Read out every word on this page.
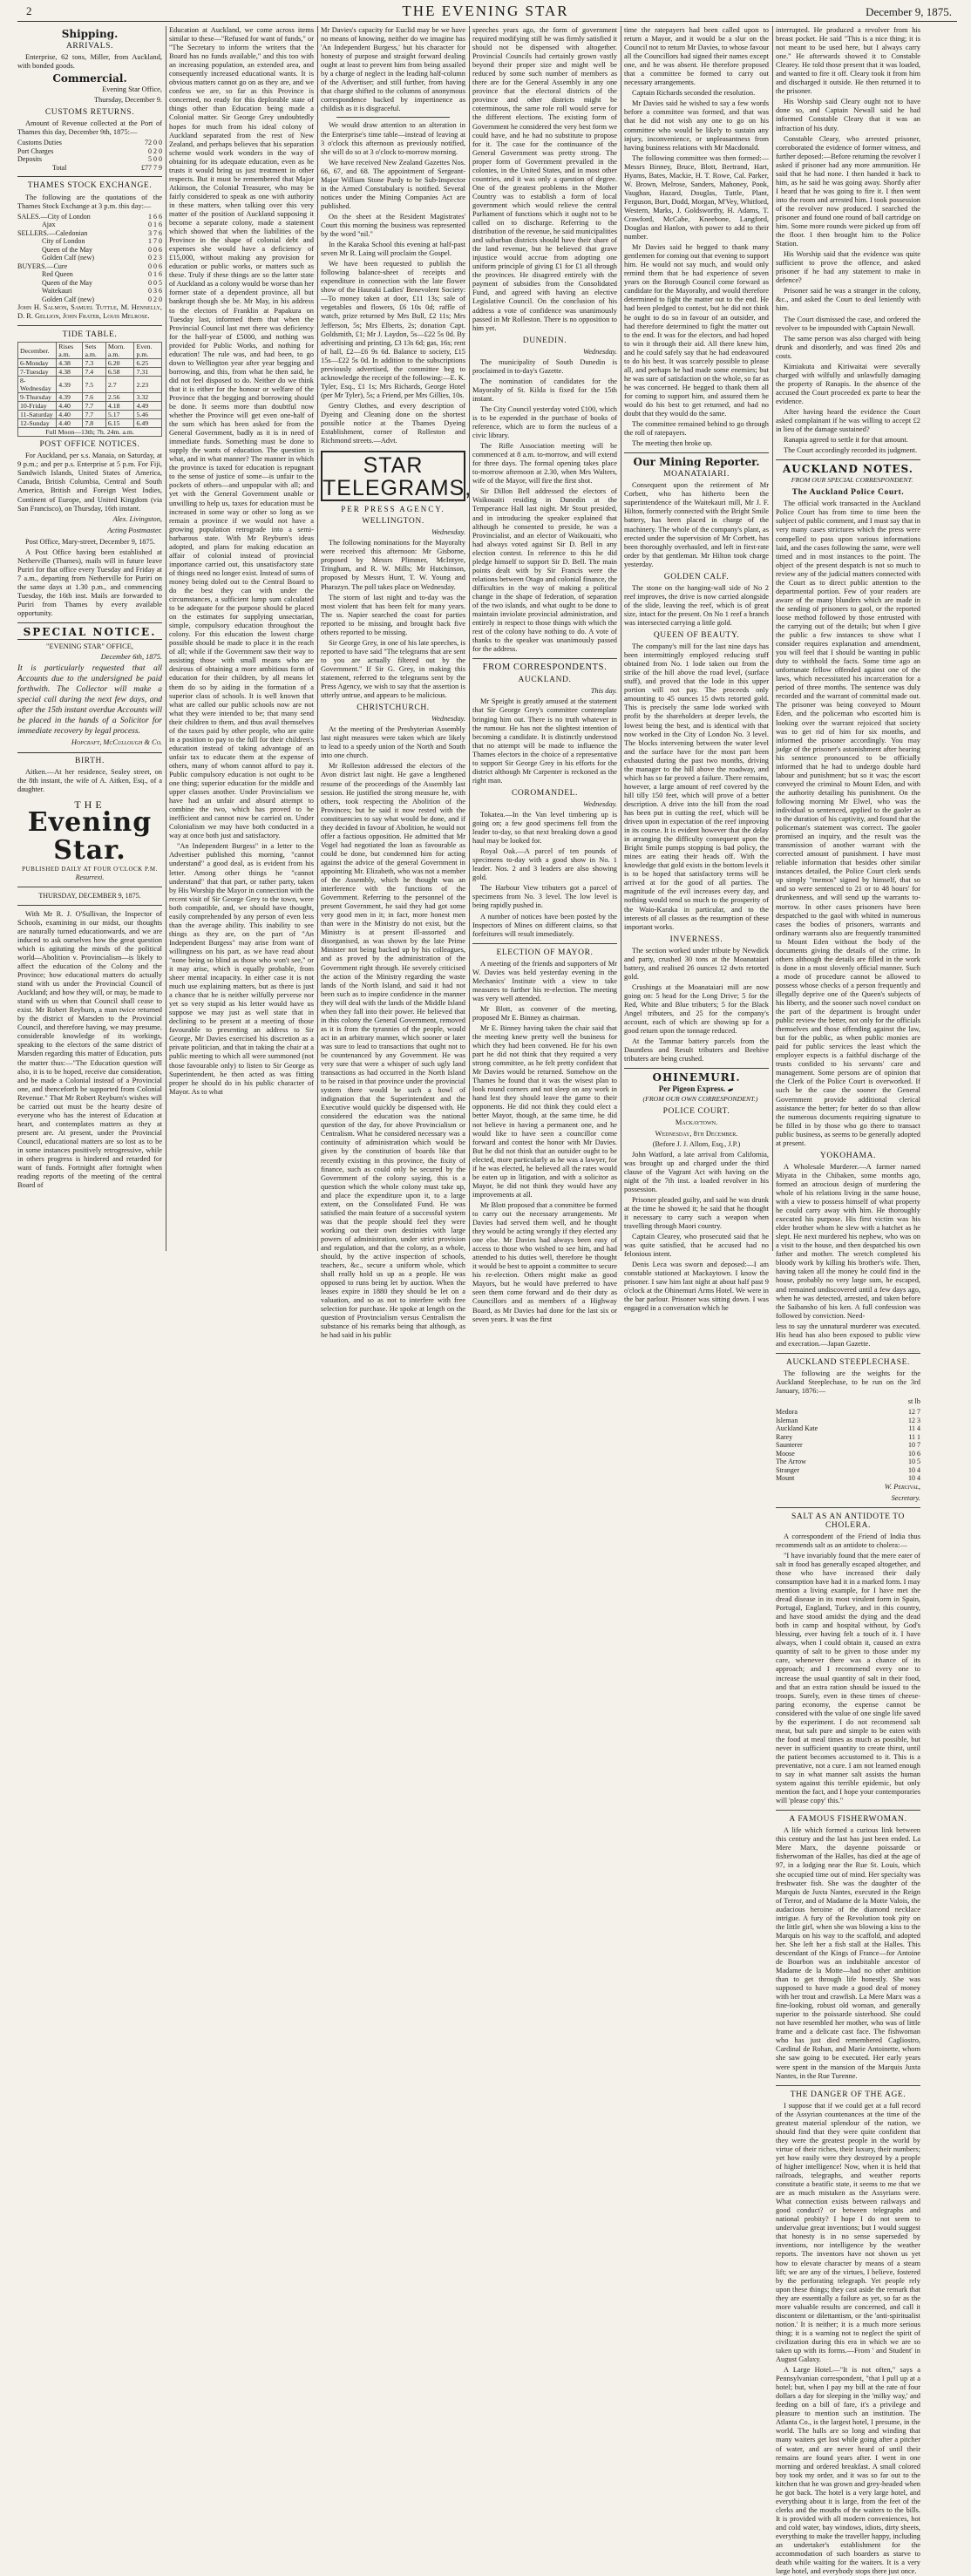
2	THE EVENING STAR	December 9, 1875.
Shipping.
ARRIVALS.

Enterprise, 62 tons, Miller, from Auckland, with bonded goods.

Commercial.

Evening Star Office,

Thursday, December 9.

CUSTOMS RETURNS.

Amount of Revenue collected at the Port of Thames this day, December 9th, 1875:—

Customs Duties	72 0 0
Port Charges	0 2 0
Deposits	5 0 0
Total	£77 7 9
THAMES STOCK EXCHANGE.

The following are the quotations of the Thames Stock Exchange at 3 p.m. this day:—

SALES.—City of London	1 6 6
Ajax	0 1 6
SELLERS.—Caledonian	3 7 6
City of London	1 7 0
Queen of the May	0 0 6
Golden Calf (new)	0 2 3
BUYERS.—Cure	0 0 6
Red Queen	0 1 6
Queen of the May	0 0 5
Waitekauri	0 3 6
Golden Calf (new)	0 2 0

John H. Salmon, Samuel Tuttle, M. Hennelly, D. R. Gellion, John Frater, Louis Melrose.

TIDE TABLE.
December.	Rises a.m.	Sets a.m.	Morn. a.m.	Even. p.m.
6-Monday	4.38	7.3	6.20	6.25
7-Tuesday	4.38	7.4	6.58	7.31
8-Wednesday	4.39	7.5	2.7	2.23
9-Thursday	4.39	7.6	2.56	3.32
10-Friday	4.40	7.7	4.18	4.49
11-Saturday	4.40	7.7	5.17	5.46
12-Sunday	4.40	7.8	6.15	6.49
Full Moon—13th; 7h. 24m. a.m.				
POST OFFICE NOTICES.

For Auckland, per s.s. Manaia, on Saturday, at 9 p.m.; and per p.s. Enterprise at 5 p.m. For Fiji, Sandwich Islands, United States of America, Canada, British Columbia, Central and South America, British and Foreign West Indies, Continent of Europe, and United Kingdom (via San Francisco), on Thursday, 16th instant.

Alex. Livingston,

Acting Postmaster.

Post Office, Mary-street, December 9, 1875.

A Post Office having been established at Netherville (Thames), mails will in future leave Puriri for that office every Tuesday and Friday at 7 a.m., departing from Netherville for Puriri on the same days at 1.30 p.m., and commencing Tuesday, the 16th inst. Mails are forwarded to Puriri from Thames by every available opportunity.

SPECIAL NOTICE.

"EVENING STAR" OFFICE,

December 6th, 1875.

It is particularly requested that all Accounts due to the undersigned be paid forthwith. The Collector will make a special call during the next few days, and after the 15th instant overdue Accounts will be placed in the hands of a Solicitor for immediate recovery by legal process.

Hopcraft, McCullough & Co.

BIRTH.

Aitken.—At her residence, Sealey street, on the 8th instant, the wife of A. Aitken, Esq., of a daughter.

THE
Evening Star.
PUBLISHED DAILY AT FOUR O'CLOCK P.M.
Resurrexi.

THURSDAY, DECEMBER 9, 1875.

With Mr R. J. O'Sullivan, the Inspector of Schools, examining in our midst, our thoughts are naturally turned educationwards, and we are induced to ask ourselves how the great question which is agitating the minds of the political world—Abolition v. Provincialism—is likely to affect the education of the Colony and the Province; how educational matters do actually stand with us under the Provincial Council of Auckland; and how they will, or may, be made to stand with us when that Council shall cease to exist. Mr Robert Reyburn, a man twice returned by the district of Marsden to the Provincial Council, and therefore having, we may presume, considerable knowledge of its workings, speaking to the electors of the same district of Marsden regarding this matter of Education, puts the matter thus:—"The Education question will also, it is to be hoped, receive due consideration, and be made a Colonial instead of a Provincial one, and thenceforth be supported from Colonial Revenue." That Mr Robert Reyburn's wishes will be carried out must be the hearty desire of everyone who has the interest of Education at heart, and contemplates matters as they at present are. At present, under the Provincial Council, educational matters are so lost as to be in some instances positively retrogressive, while in others progress is hindered and retarded for want of funds. Fortnight after fortnight when reading reports of the meeting of the central Board of

Education at Auckland, we come across items similar to these—"Refused for want of funds," or "The Secretary to inform the writers that the Board has no funds available," and this too with an increasing population, an extended area, and consequently increased educational wants. It is obvious matters cannot go on as they are, and we confess we are, so far as this Province is concerned, no ready for this deplorable state of things other than Education being made a Colonial matter. Sir George Grey undoubtedly hopes for much from his ideal colony of Auckland separated from the rest of New Zealand, and perhaps believes that his separation scheme would work wonders in the way of obtaining for its adequate education, even as he trusts it would bring us just treatment in other respects. But it must be remembered that Major Atkinson, the Colonial Treasurer, who may be fairly considered to speak as one with authority in these matters, when talking over this very matter of the position of Auckland supposing it become a separate colony, made a statement which showed that when the liabilities of the Province in the shape of colonial debt and expenses she would have a deficiency of £15,000, without making any provision for education or public works, or matters such as these. Truly if these things are so the latter state of Auckland as a colony would be worse than her former state of a dependent province, all but bankrupt though she be. Mr May, in his address to the electors of Franklin at Papakura on Tuesday last, informed them that when the Provincial Council last met there was deficiency for the half-year of £5000, and nothing was provided for Public Works, and nothing for education! The rule was, and had been, to go down to Wellington year after year begging and borrowing, and this, from what he then said, he did not feel disposed to do. Neither do we think that it is either for the honour or welfare of the Province that the begging and borrowing should be done. It seems more than doubtful now whether the Province will get even one-half of the sum which has been asked for from the General Government, badly as it is in need of immediate funds. Something must be done to supply the wants of education. The question is what, and in what manner? The manner in which the province is taxed for education is repugnant to the sense of justice of some—is unfair to the pockets of others—and unpopular with all; and yet with the General Government unable or unwilling to help us, taxes for education must be increased in some way or other so long as we remain a province if we would not have a growing population retrograde into a semi-barbarous state. With Mr Reyburn's ideas adopted, and plans for making education an affair of colonial instead of provincial importance carried out, this unsatisfactory state of things need no longer exist. Instead of sums of money being doled out to the Central Board to do the best they can with under the circumstances, a sufficient lump sum calculated to be adequate for the purpose should be placed on the estimates for supplying unsectarian, simple, compulsory education throughout the colony. For this education the lowest charge possible should be made to place it in the reach of all; while if the Government saw their way to assisting those with small means who are desirous of obtaining a more ambitious form of education for their children, by all means let them do so by aiding in the formation of a superior class of schools. It is well known that what are called our public schools now are not what they were intended to be; that many send their children to them, and thus avail themselves of the taxes paid by other people, who are quite in a position to pay to the full for their children's education instead of taking advantage of an unfair tax to educate them at the expense of others, many of whom cannot afford to pay it. Public compulsory education is not ought to be one thing; superior education for the middle and upper classes another. Under Provincialism we have had an unfair and absurd attempt to combine the two, which has proved to be inefficient and cannot now be carried on. Under Colonialism we may have both conducted in a way at once both just and satisfactory.

"An Independent Burgess" in a letter to the Advertiser published this morning, "cannot understand" a good deal, as is evident from his letter. Among other things he "cannot understand" that that part, or rather party, taken by His Worship the Mayor in connection with the recent visit of Sir George Grey to the town, were both compatible, and, we should have thought, easily comprehended by any person of even less than the average ability. This inability to see things as they are, on the part of "An Independent Burgess" may arise from want of willingness on his part, as we have read about "none being so blind as those who won't see," or it may arise, which is equally probable, from sheer mental incapacity. In either case it is not much use explaining matters, but as there is just a chance that he is neither wilfully perverse nor yet so very stupid as his letter would have us suppose we may just as well state that in declining to be present at a meeting of those favourable to presenting an address to Sir George, Mr Davies exercised his discretion as a private politician, and that in taking the chair at a public meeting to which all were summoned (not those favourable only) to listen to Sir George as Superintendent, he then acted as was fitting proper he should do in his public character of Mayor. As to what

Mr Davies's capacity for Euclid may be we have no means of knowing, neither do we imagine has 'An Independent Burgess,' but his character for honesty of purpose and straight forward dealing ought at least to prevent him from being assailed by a charge of neglect in the leading half-column of the Advertiser; and still further, from having that charge shifted to the columns of anonymous correspondence backed by impertinence as childish as it is disgraceful.

We would draw attention to an alteration in the Enterprise's time table—instead of leaving at 3 o'clock this afternoon as previously notified, she will do so at 3 o'clock to-morrow morning.

We have received New Zealand Gazettes Nos. 66, 67, and 68. The appointment of Sergeant-Major William Stone Pardy to be Sub-Inspector in the Armed Constabulary is notified. Several notices under the Mining Companies Act are published.

On the sheet at the Resident Magistrates' Court this morning the business was represented by the word "nil."

In the Karaka School this evening at half-past seven Mr R. Laing will proclaim the Gospel.

We have been requested to publish the following balance-sheet of receipts and expenditure in connection with the late flower show of the Hauraki Ladies' Benevolent Society:—To money taken at door, £11 13s; sale of vegetables and flowers, £6 10s 0d; raffle of watch, prize returned by Mrs Bull, £2 11s; Mrs Jefferson, 5s; Mrs Elberts, 2s; donation Capt. Goldsmith, £1; Mr J. Laydon, 5s—£22 5s 0d. By advertising and printing, £3 13s 6d; gas, 16s; rent of hall, £2—£6 9s 6d. Balance to society, £15 15s—£22 5s 0d. In addition to the subscriptions previously advertised, the committee beg to acknowledge the receipt of the following:—E. K. Tyler, Esq., £1 1s; Mrs Richards, George Hotel (per Mr Tyler), 5s; a Friend, per Mrs Gillies, 10s.

Gentry Clothes, and every description of Dyeing and Cleaning done on the shortest possible notice at the Thames Dyeing Establishment, corner of Rolleston and Richmond streets.—Advt.

STAR TELEGRAMS,
PER PRESS AGENCY.
WELLINGTON.

Wednesday.

The following nominations for the Mayoralty were received this afternoon: Mr Gisborne, proposed by Messrs Plimmer, McIntyre, Tringham, and R. W. Mills; Mr Hutchinson, proposed by Messrs Hunt, T. W. Young and Pharazyn. The poll takes place on Wednesday.

The storm of last night and to-day was the most violent that has been felt for many years. The ss. Napier searched the coast for parties reported to be missing, and brought back five others reported to be missing.

Sir George Grey, in one of his late speeches, is reported to have said "The telegrams that are sent to you are actually filtered out by the Government." If Sir G. Grey, in making this statement, referred to the telegrams sent by the Press Agency, we wish to say that the assertion is utterly untrue, and appears to be malicious.

CHRISTCHURCH.

Wednesday.

At the meeting of the Presbyterian Assembly last night measures were taken which are likely to lead to a speedy union of the North and South into one church.

Mr Rolleston addressed the electors of the Avon district last night. He gave a lengthened resume of the proceedings of the Assembly last session. He justified the strong measure he, with others, took respecting the Abolition of the Provinces; but he said it now rested with the constituencies to say what would be done, and if they decided in favour of Abolition, he would not offer a factious opposition. He admitted that Mr Vogel had negotiated the loan as favourable as could be done, but condemned him for acting against the advice of the general Government in appointing Mr. Elizabeth, who was not a member of the Assembly, which he thought was an interference with the functions of the Government. Referring to the personnel of the present Government, he said they had got some very good men in it; in fact, more honest men than were in the Ministry do not exist, but the Ministry is at present ill-assorted and disorganised, as was shown by the late Prime Minister not being backed up by his colleagues, and as proved by the administration of the Government right through. He severely criticised the action of the Ministry regarding the waste lands of the North Island, and said it had not been such as to inspire confidence in the manner they will deal with the lands of the Middle Island when they fall into their power. He believed that in this colony the General Government, removed as it is from the tyrannies of the people, would act in an arbitrary manner, which sooner or later was sure to lead to transactions that ought not to be countenanced by any Government. He was very sure that were a whisper of such ugly land transactions as had occurred in the North Island to be raised in that province under the provincial system there would be such a howl of indignation that the Superintendent and the Executive would quickly be dispensed with. He considered the education was the national question of the day, for above Provincialism or Centralism. What he considered necessary was a continuity of administration which would be given by the constitution of boards like that recently existing in this province, the fixity of finance, such as could only be secured by the Government of the colony saying, this is a question which the whole colony must take up, and place the expenditure upon it, to a large extent, on the Consolidated Fund. He was satisfied the main feature of a successful system was that the people should feel they were working out their own destinies with large powers of administration, under strict provision and regulation, and that the colony, as a whole, should, by the active inspection of schools, teachers, &c., secure a uniform whole, which shall really hold us up as a people. He was opposed to runs being let by auction. When the leases expire in 1880 they should be let on a valuation, and so as not to interfere with free selection for purchase. He spoke at length on the question of Provincialism versus Centralism the substance of his remarks being that although, as he had said in his public

speeches years ago, the form of government required modifying still he was firmly satisfied it should not be dispensed with altogether. Provincial Councils had certainly grown vastly beyond their proper size and might well be reduced by some such number of members as there are for the General Assembly in any one province that the electoral districts of the province and other districts might be coterminous, the same role roll would serve for the different elections. The existing form of Government he considered the very best form we could have, and he had no substitute to propose for it. The case for the continuance of the General Government was pretty strong. The proper form of Government prevailed in the colonies, in the United States, and in most other countries, and it was only a question of degree. One of the greatest problems in the Mother Country was to establish a form of local government which would relieve the central Parliament of functions which it ought not to be called on to discharge. Referring to the distribution of the revenue, he said municipalities and suburban districts should have their share of the land revenue, but he believed that grave injustice would accrue from adopting one uniform principle of giving £1 for £1 all through the provinces. He disagreed entirely with the payment of subsidies from the Consolidated Fund, and agreed with having an elective Legislative Council. On the conclusion of his address a vote of confidence was unanimously passed in Mr Rolleston. There is no opposition to him yet.

DUNEDIN.

Wednesday.

The municipality of South Dunedin is proclaimed in to-day's Gazette.

The nomination of candidates for the Mayoralty of St. Kilda is fixed for the 15th instant.

The City Council yesterday voted £100, which is to be expended in the purchase of books of reference, which are to form the nucleus of a civic library.

The Rifle Association meeting will be commenced at 8 a.m. to-morrow, and will extend for three days. The formal opening takes place to-morrow afternoon at 2.30, when Mrs Walters, wife of the Mayor, will fire the first shot.

Sir Dillon Bell addressed the electors of Waikouaiti residing in Dunedin at the Temperance Hall last night. Mr Stout presided, and in introducing the speaker explained that although he consented to preside, he was a Provincialist, and an elector of Waikouaiti, who had always voted against Sir D. Bell in any election contest. In reference to this he did pledge himself to support Sir D. Bell. The main points dealt with by Sir Francis were the relations between Otago and colonial finance, the difficulties in the way of making a political change in the shape of federation, of separation of the two islands, and what ought to be done to maintain inviolate provincial administration, and entirely in respect to those things with which the rest of the colony have nothing to do. A vote of thanks to the speaker was unanimously passed for the address.

FROM CORRESPONDENTS.
AUCKLAND.

This day.

Mr Speight is greatly amused at the statement that Sir George Grey's committee contemplate bringing him out. There is no truth whatever in the rumour. He has not the slightest intention of becoming a candidate. It is distinctly understood that no attempt will be made to influence the Thames electors in the choice of a representative to support Sir George Grey in his efforts for the district although Mr Carpenter is reckoned as the right man.

COROMANDEL.

Wednesday.

Tokatea.—In the Van level timbering up is going on; a few good specimens fell from the leader to-day, so that next breaking down a good haul may be looked for.

Royal Oak.—A parcel of ten pounds of specimens to-day with a good show in No. 1 leader. Nos. 2 and 3 leaders are also showing gold.

The Harbour View tributers got a parcel of specimens from No. 3 level. The low level is being rapidly pushed in.

A number of notices have been posted by the Inspectors of Mines on different claims, so that forfeitures will result immediately.

ELECTION OF MAYOR.

A meeting of the friends and supporters of Mr W. Davies was held yesterday evening in the Mechanics' Institute with a view to take measures to further his re-election. The meeting was very well attended.

Mr Blott, as convener of the meeting, proposed Mr E. Binney as chairman.

Mr E. Binney having taken the chair said that the meeting knew pretty well the business for which they had been convened. He for his own part he did not think that they required a very strong committee, as he felt pretty confident that Mr Davies would be returned. Somehow on the Thames he found that it was the wisest plan to look round corners and not sleep on any work in hand lest they should leave the game to their opponents. He did not think they could elect a better Mayor, though, at the same time, he did not believe in having a permanent one, and he would like to have seen a councillor come forward and contest the honor with Mr Davies. But he did not think that an outsider ought to be elected, more particularly as he was a lawyer, for if he was elected, he believed all the rates would be eaten up in litigation, and with a solicitor as Mayor, he did not think they would have any improvements at all.

Mr Blott proposed that a committee be formed to carry out the necessary arrangements. Mr Davies had served them well, and he thought they would be acting wrongly if they elected any one else. Mr Davies had always been easy of access to those who wished to see him, and had attended to his duties well, therefore he thought it would be best to appoint a committee to secure his re-election. Others might make as good Mayors, but he would have preferred to have seen them come forward and do their duty as Councillors and as members of a Highway Board, as Mr Davies had done for the last six or seven years. It was the first

time the ratepayers had been called upon to return a Mayor, and it would be a slur on the Council not to return Mr Davies, to whose favour all the Councillors had signed their names except one, and he was absent. He therefore proposed that a committee be formed to carry out necessary arrangements.

Captain Richards seconded the resolution.

Mr Davies said he wished to say a few words before a committee was formed, and that was that he did not wish any one to go on his committee who would be likely to sustain any injury, inconvenience, or unpleasantness from having business relations with Mr Macdonald.

The following committee was then formed:—Messrs Binney, Bruce, Blott, Bertrand, Hart, Hyams, Bates, Mackie, H. T. Rowe, Cal. Parker, W. Brown, Melrose, Sanders, Mahoney, Pook, Vaughan, Hazard, Douglas, Tuttle, Plant, Ferguson, Burt, Dodd, Morgan, M'Vey, Whitford, Western, Marks, J. Goldsworthy, H. Adams, T. Crawford, McCabe, Kneebone, Langford, Douglas and Hanlon, with power to add to their number.

Mr Davies said he begged to thank many gentlemen for coming out that evening to support him. He would not say much, and would only remind them that he had experience of seven years on the Borough Council come forward as candidate for the Mayoralty, and would therefore determined to fight the matter out to the end. He had been pledged to contest, but he did not think he ought to do so in favour of an outsider, and had therefore determined to fight the matter out to the end. It was for the electors, and had hoped to win it through their aid. All there knew him, and he could safely say that he had endeavoured to do his best. It was scarcely possible to please all, and perhaps he had made some enemies; but he was sure of satisfaction on the whole, so far as he was concerned. He begged to thank them all for coming to support him, and assured them he would do his best to get returned, and had no doubt that they would do the same.

The committee remained behind to go through the roll of ratepayers.

The meeting then broke up.

Our Mining Reporter.
MOANATAIARI.

Consequent upon the retirement of Mr Corbett, who has hitherto been the superintendence of the Waitekauri mill, Mr J. F. Hilton, formerly connected with the Bright Smile battery, has been placed in charge of the machinery. The whole of the company's plant, as erected under the supervision of Mr Corbett, has been thoroughly overhauled, and left in first-rate order by that gentleman. Mr Hilton took charge yesterday.

GOLDEN CALF.

The stone on the hanging-wall side of No 2 reef improves, the drive is now carried alongside of the slide, leaving the reef, which is of great size, intact for the present. On No 1 reef a branch was intersected carrying a little gold.

QUEEN OF BEAUTY.

The company's mill for the last nine days has been intermittingly employed reducing stuff obtained from No. 1 lode taken out from the strike of the hill above the road level, (surface stuff), and proved that the lode in this upper portion will not pay. The proceeds only amounting to 45 ounces 15 dwts retorted gold. This is precisely the same lode worked with profit by the shareholders at deeper levels, the lowest being the best, and is identical with that now worked in the City of London No. 3 level. The blocks intervening between the water level and the surface have for the most part been exhausted during the past two months, driving the manager to the hill above the roadway, and which has so far proved a failure. There remains, however, a large amount of reef covered by the hill tilly 150 feet, which will prove of a better description. A drive into the hill from the road has been put in cutting the reef, which will be driven upon in expectation of the reef improving in its course. It is evident however that the delay in arranging the difficulty consequent upon the Bright Smile pumps stopping is bad policy, the mines are eating their heads off. With the knowledge that gold exists in the bottom levels it is to be hoped that satisfactory terms will be arrived at for the good of all parties. The magnitude of the evil increases every day, and nothing would tend so much to the prosperity of the Waio-Karaka in particular, and to the interests of all classes as the resumption of these important works.

INVERNESS.

The section worked under tribute by Newdick and party, crushed 30 tons at the Moanataiari battery, and realised 26 ounces 12 dwts retorted gold.

Crushings at the Moanataiari mill are now going on: 5 head for the Long Drive; 5 for the Red, White and Blue tributers; 5 for the Black Angel tributers, and 25 for the company's account, each of which are showing up for a good return upon the tonnage reduced.

At the Tammar battery parcels from the Dauntless and Result tributers and Beehive tributers are being crushed.

OHINEMURI.

Per Pigeon Express.

(FROM OUR OWN CORRESPONDENT.)

POLICE COURT.

Mackaytown.

Wednesday, 8th December.

(Before J. J. Allom, Esq., J.P.)

John Watford, a late arrival from California, was brought up and charged under the third clause of the Vagrant Act with having on the night of the 7th inst. a loaded revolver in his possession.

Prisoner pleaded guilty, and said he was drunk at the time he showed it; he said that he thought it necessary to carry such a weapon when travelling through Maori country.

Captain Clearey, who prosecuted said that he was quite satisfied, that he accused had no felonious intent.

Denis Leca was sworn and deposed:—I am constable stationed at Mackaytown. I know the prisoner. I saw him last night at about half past 9 o'clock at the Ohinemuri Arms Hotel. We were in the bar parlour. Prisoner was sitting down. I was engaged in a conversation which he

interrupted. He produced a revolver from his breast pocket. He said "This is a nice thing; it is not meant to be used here, but I always carry one." He afterwards showed it to Constable Clearey. He told those present that it was loaded, and wanted to fire it off. Cleary took it from him and discharged it outside. He then returned it to the prisoner.

His Worship said Cleary ought not to have done so, and Captain Newall said he had informed Constable Cleary that it was an infraction of his duty.

Constable Cleary, who arrested prisoner, corroborated the evidence of former witness, and further deposed:—Before returning the revolver I asked if prisoner had any more ammunition. He said that he had none. I then handed it back to him, as he said he was going away. Shortly after I heard that he was going to fire it. I then went into the room and arrested him. I took possession of the revolver now produced. I searched the prisoner and found one round of ball cartridge on him. Some more rounds were picked up from off the floor. I then brought him to the Police Station.

His Worship said that the evidence was quite sufficient to prove the offence, and asked prisoner if he had any statement to make in defence?

Prisoner said he was a stranger in the colony, &c., and asked the Court to deal leniently with him.

The Court dismissed the case, and ordered the revolver to be impounded with Captain Newall.

The same person was also charged with being drunk and disorderly, and was fined 20s and costs.

Kimiakuta and Kiriwaitai were severally charged with wilfully and unlawfully damaging the property of Ranapis. In the absence of the accused the Court proceeded ex parte to hear the evidence.

After having heard the evidence the Court asked complainant if he was willing to accept £2 in lieu of the damage sustained?

Ranapia agreed to settle it for that amount.

The Court accordingly recorded its judgment.

AUCKLAND NOTES.

FROM OUR SPECIAL CORRESPONDENT.

The Auckland Police Court.

The official work transacted in the Auckland Police Court has from time to time been the subject of public comment, and I must say that in very many cases strictures which the press were compelled to pass upon various informations laid, and the cases following the same, were well timed and in most instances to the point. The object of the present despatch is not so much to review any of the judicial matters connected with the Court as to direct public attention to the departmental portion. Few of your readers are aware of the many blunders which are made in the sending of prisoners to gaol, or the reported loose method followed by those entrusted with the carrying out of the details; but when I give the public a few instances to show what I consider requires explanation and amendment, you will feel that I should be wanting in public duty to withhold the facts. Some time ago an unfortunate fellow offended against one of the laws, which necessitated his incarceration for a period of three months. The sentence was duly recorded and the warrant of committal made out. The prisoner was being conveyed to Mount Eden, and the policeman who escorted him is looking over the warrant rejoiced that society was to get rid of him for six months, and informed the prisoner accordingly. You may judge of the prisoner's astonishment after hearing his sentence pronounced to be officially informed that he had to undergo double hard labour and punishment; but so it was; the escort conveyed the criminal to Mount Eden, and with the authority detailing his punishment. On the following morning Mr Elwel, who was the individual so sentenced, applied to the gaoler as to the duration of his captivity, and found that the policeman's statement was correct. The gaoler promised an inquiry, and the result was the transmission of another warrant with the corrected amount of punishment. I have most reliable information that besides other similar instances detailed, the Police Court clerk sends up simply "memos" signed by himself, that so and so were sentenced to 21 or to 48 hours' for drunkenness, and will send up the warrants to-morrow. In other cases prisoners have been despatched to the gaol with whited in numerous cases the bodies of prisoners, warrants and ordinary warrants also are frequently transmitted to Mount Eden without the body of the documents giving the details of the crime. In others although the details are filled in the work is done in a most slovenly official manner. Such a mode of procedure cannot be allowed to possess whose checks of a person frequently and illegally deprive one of the Queen's subjects of his liberty, and the sooner such novel conduct on the part of the department is brought under public review the better, not only for the officials themselves and those offending against the law, but for the public, as when public monies are paid for public services the least which the employer expects is a faithful discharge of the trusts confided to his servants' care and management. Some persons are of opinion that the Clerk of the Police Court is overworked. If such be the case the sooner the General Government provide additional clerical assistance the better; for better do so than allow the numerous documents requiring signature to be filled in by those who go there to transact public business, as seems to be generally adopted at present.

YOKOHAMA.

A Wholesale Murderer.—A farmer named Miyata in the Chibaken, some months ago, formed an atrocious design of murdering the whole of his relations living in the same house, with a view to possess himself of what property he could carry away with him. He thoroughly executed his purpose. His first victim was his elder brother whom he slew with a hatchet as he slept. He next murdered his nephew, who was on a visit to the house, and then despatched his own father and mother. The wretch completed his bloody work by killing his brother's wife. Then, having taken all the money he could find in the house, probably no very large sum, he escaped, and remained undiscovered until a few days ago, when he was detected, arrested, and taken before the Saibansho of his ken. A full confession was followed by conviction. Need-

less to say the unnatural murderer was executed. His head has also been exposed to public view and execration.—Japan Gazette.

AUCKLAND STEEPLECHASE.

The following are the weights for the Auckland Steeplechase, to be run on the 3rd January, 1876:—

st lb

Medora	12 7
Isleman	12 3
Auckland Kate	11 4
Rarey	11 1
Saunterer	10 7
Moose	10 6
The Arrow	10 5
Stranger	10 4
Mount	10 4

W. Percival,

Secretary.

SALT AS AN ANTIDOTE TO CHOLERA.

A correspondent of the Friend of India thus recommends salt as an antidote to cholera:—

"I have invariably found that the mere eater of salt in food has generally escaped altogether, and those who have increased their daily consumption have had it in a marked form. I may mention a living example, for I have met the dread disease in its most virulent form in Spain, Portugal, England, Turkey, and in this country, and have stood amidst the dying and the dead both in camp and hospital without, by God's blessing, ever having felt a touch of it. I have always, when I could obtain it, caused an extra quantity of salt to be given to those under my care, whenever there was a chance of its approach; and I recommend every one to increase the usual quantity of salt in their food, and that an extra ration should be issued to the troops. Surely, even in these times of cheese-paring economy, the expense cannot be considered with the value of one single life saved by the experiment. I do not recommend salt meat, but salt pure and simple to be eaten with the food at meal times as much as possible, but never in sufficient quantity to create thirst, until the patient becomes accustomed to it. This is a preventative, not a cure. I am not learned enough to say in what manner salt assists the human system against this terrible epidemic, but only mention the fact, and I hope your contemporaries will 'please copy' this."

A FAMOUS FISHERWOMAN.

A life which formed a curious link between this century and the last has just been ended. La Mere Marx, the dayenne poissarde or fisherwoman of the Halles, has died at the age of 97, in a lodging near the Rue St. Louis, which she occupied time out of mind. Her specialty was freshwater fish. She was the daughter of the Marquis de Juxta Nantes, executed in the Reign of Terror, and of Madame de la Motte Valois, the audacious heroine of the diamond necklace intrigue. A fury of the Revolution took pity on the little girl, when she was blowing a kiss to the Marquis on his way to the scaffold, and adopted her. She left her a fish stall at the Halles. This descendant of the Kings of France—for Antoine de Bourbon was an indubitable ancestor of Madame de la Motte—had no other ambition than to get through life honestly. She was supposed to have made a good deal of money with her trout and crawfish. La Mere Marx was a fine-looking, robust old woman, and generally superior to the poissarde sisterhood. She could not have resembled her mother, who was of little frame and a delicate cast face. The fishwoman who has just died remembered Cagliostro, Cardinal de Rohan, and Marie Antoinette, whom she saw going to be executed. Her early years were spent in the mansion of the Marquis Juxta Nantes, in the Rue Turenne.

THE DANGER OF THE AGE.

I suppose that if we could get at a full record of the Assyrian countenances at the time of the greatest material splendour of the nation, we should find that they were quite confident that they were the greatest people in the world by virtue of their riches, their luxury, their numbers; yet how easily were they destroyed by a people of higher intelligence! Now, when it is held that railroads, telegraphs, and weather reports constitute a beatific state, it seems to me that we are as much mistaken as the Assyrians were. What connection exists between railways and good conduct? or between telegraphs and national probity? I hope I do not seem to undervalue great inventions; but I would suggest that honesty is in no sense superseded by inventions, nor intelligence by the weather reports. The inventors have not shown us yet how to elevate character by means of a steam lift; we are any of the virtues, I believe, fostered by the perforating telegraph. Yet people rely upon these things; they cast aside the remark that they are essentially a failure as yet, so far as the more valuable results are concerned, and call it discontent or dilettantism, or the 'anti-spiritualist notion.' It is neither; it is a much more serious thing; it is a warning not to neglect the spirit of civilization during this era in which we are so taken up with its forms.—From ' and Student' in August Galaxy.

A Large Hotel.—"It is not often," says a Pennsylvanian correspondent, "that I pull up at a hotel; but, when I pay my bill at the rate of four dollars a day for sleeping in the 'milky way,' and feeding on a bill of fare, it's a privilege and pleasure to mention such an institution. The Atlanta Co., is the largest hotel, I presume, in the world. The halls are so long and winding that many waiters get lost while going after a pitcher of water, and are never heard of until their remains are found years after. I went in one morning and ordered breakfast. A small colored boy took my order, and it was so far out to the kitchen that he was grown and grey-headed when he got back. The hotel is a very large hotel, and everything about it is large, from the feet of the clerks and the mouths of the waiters to the bills. It is provided with all modern conveniences, hot and cold water, bay windows, idiots, dirty sheets, everything to make the traveller happy, including an undertaker's establishment for the accommodation of such boarders as starve to death while waiting for the waiters. It is a very large hotel, and everybody stops there just once.
